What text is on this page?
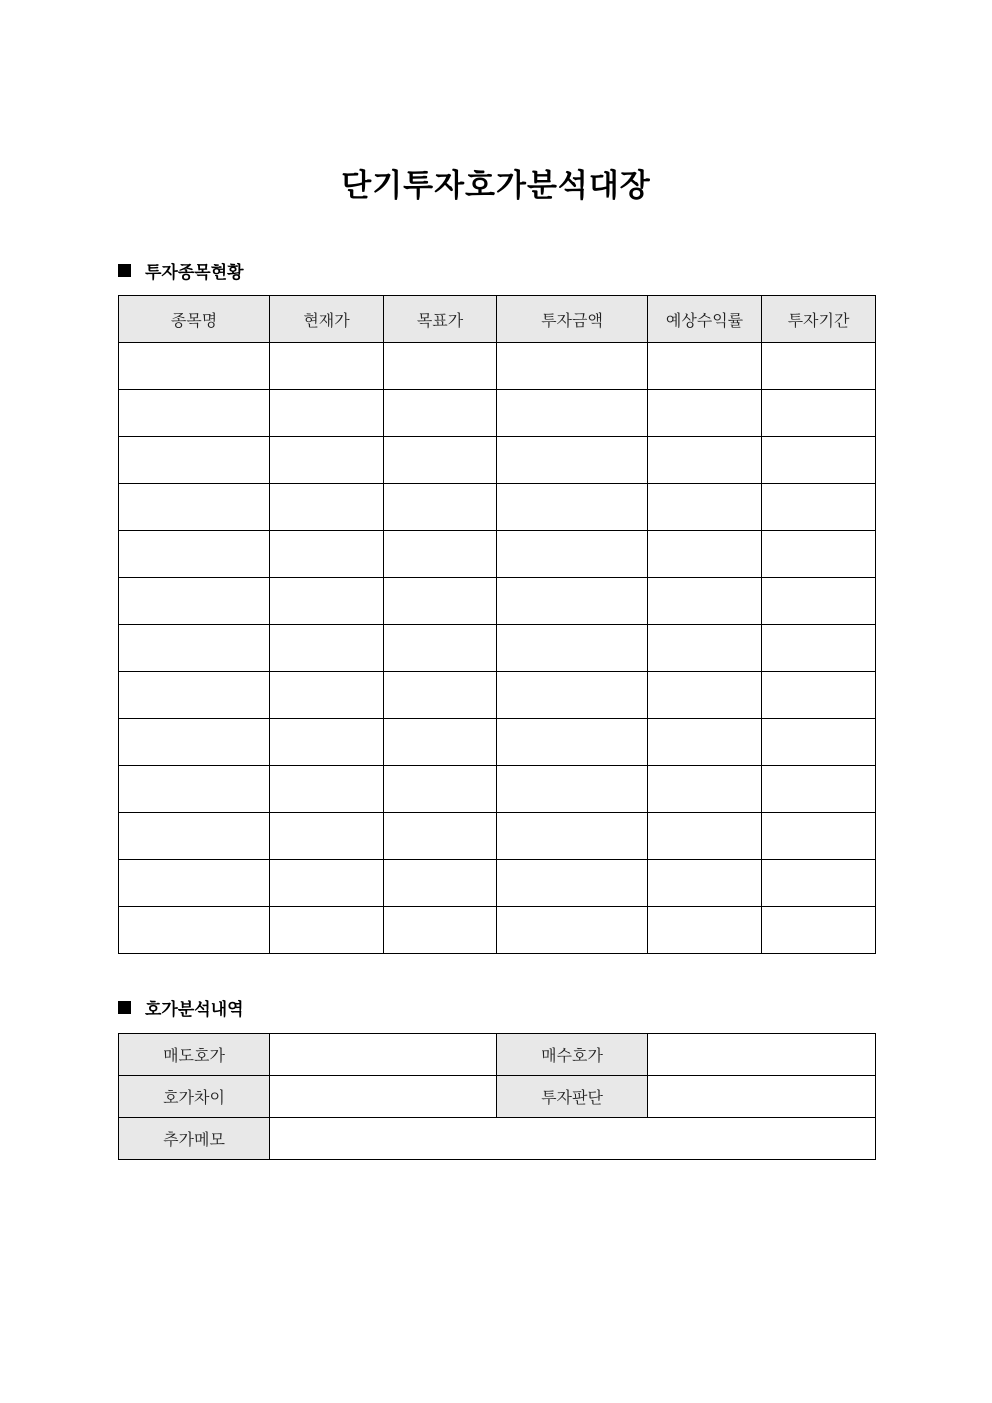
단기투자호가분석대장
투자종목현황
종목명	현재가	목표가	투자금액	예상수익률	투자기간

호가분석내역
매도호가		매수호가	
호가차이		투자판단	
추가메모			
